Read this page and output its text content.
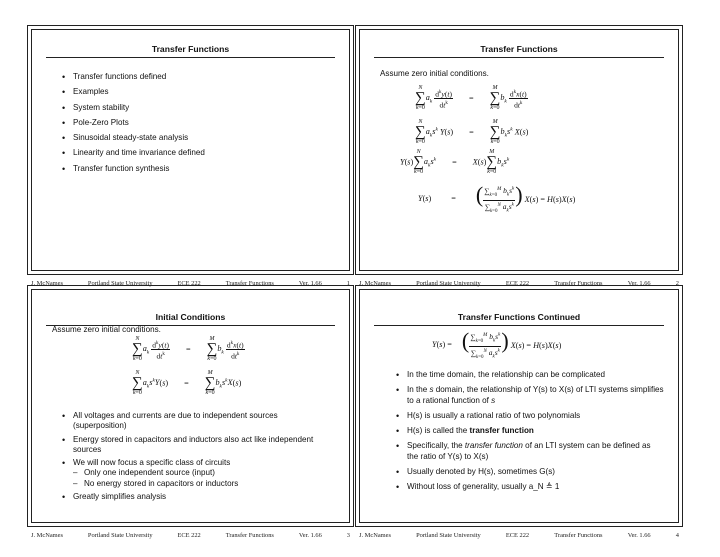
Transfer Functions
• Transfer functions defined
• Examples
• System stability
• Pole-Zero Plots
• Sinusoidal steady-state analysis
• Linearity and time invariance defined
• Transfer function synthesis
J. McNames	Portland State University	ECE 222	Transfer Functions	Ver. 1.66	1
Transfer Functions
Assume zero initial conditions.
N
∑
k=0
$a_k \frac{d^ky(t)}{dt^k}$ =
M
∑
k=0
$b_k \frac{d^kx(t)}{dt^k}$
N
∑
k=0
$a_ks^k$ Y(s) =
M
∑
k=0
$b_ks^k$ X(s)
Y(s)
N
∑
k=0
$a_ks^k = X(s)$
M
∑
k=0
$b_ks^k$
Y(s) = ( $\frac{\sum_{k=0}^M b_ks^k}{\sum_{k=0}^N a_ks^k}$ ) X(s) = H(s)X(s)
J. McNames	Portland State University	ECE 222	Transfer Functions	Ver. 1.66	2
Initial Conditions
Assume zero initial conditions.
N
∑
k=0
$a_k \frac{d^ky(t)}{dt^k}$ =
M
∑
k=0
$b_k \frac{d^kx(t)}{dt^k}$
N
∑
k=0
$a_ks^kY(s)$ =
M
∑
k=0
$b_ks^kX(s)$
• All voltages and currents are due to independent sources (superposition)
• Energy stored in capacitors and inductors also act like independent sources
• We will now focus a specific class of circuits
– Only one independent source (input)
– No energy stored in capacitors or inductors
• Greatly simplifies analysis
J. McNames	Portland State University	ECE 222	Transfer Functions	Ver. 1.66	3
Transfer Functions Continued
Y(s) = ( $\frac{\sum_{k=0}^M b_ks^k}{\sum_{k=0}^N a_ks^k}$ ) X(s) = H(s)X(s)
• In the time domain, the relationship can be complicated
• In the s domain, the relationship of Y(s) to X(s) of LTI systems simplifies to a rational function of s
• H(s) is usually a rational ratio of two polynomials
• H(s) is called the transfer function
• Specifically, the transfer function of an LTI system can be defined as the ratio of Y(s) to X(s)
• Usually denoted by H(s), sometimes G(s)
• Without loss of generality, usually a_N ≜ 1
J. McNames	Portland State University	ECE 222	Transfer Functions	Ver. 1.66	4
